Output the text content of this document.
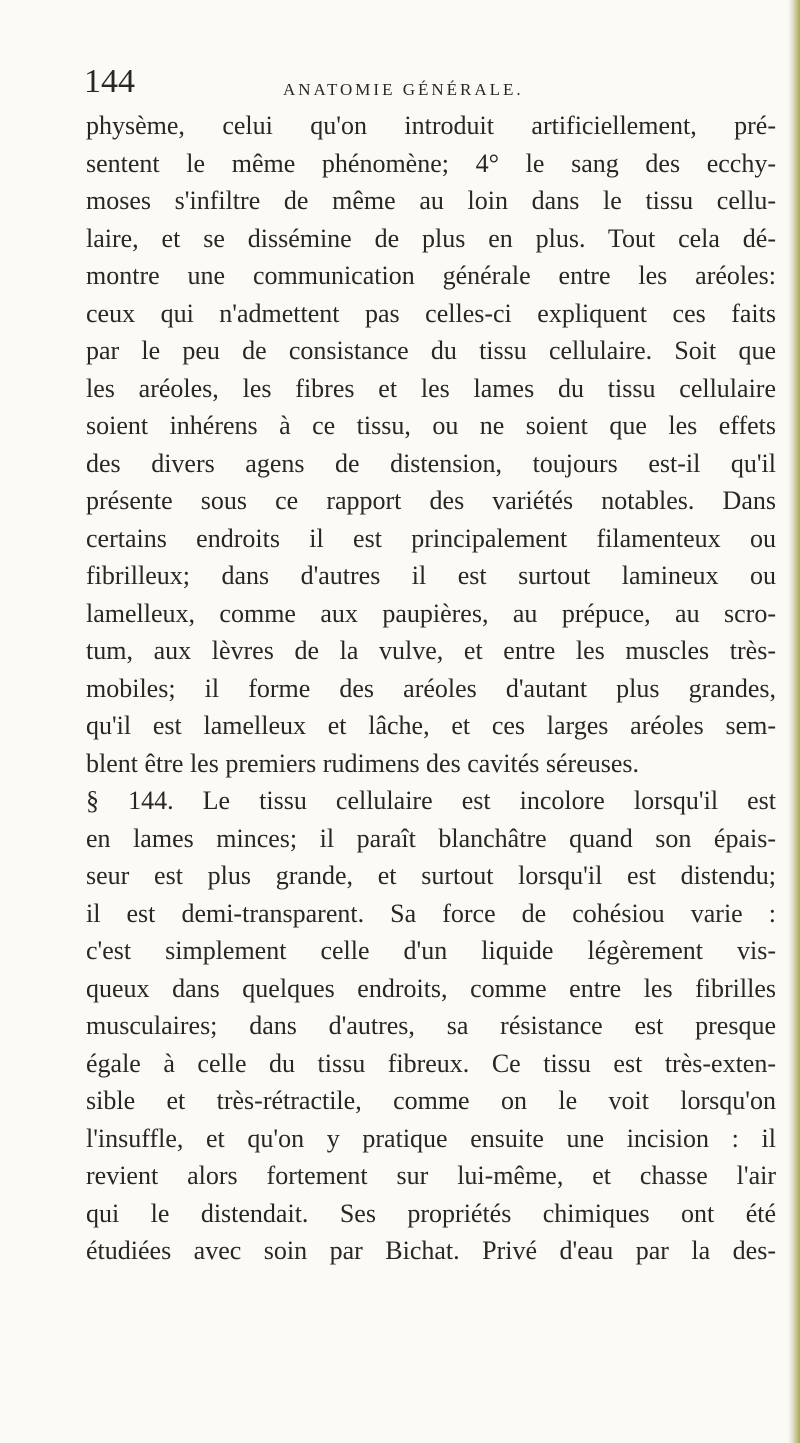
144	ANATOMIE GÉNÉRALE.
physème, celui qu'on introduit artificiellement, pré-
sentent le même phénomène; 4° le sang des ecchy-
moses s'infiltre de même au loin dans le tissu cellu-
laire, et se dissémine de plus en plus. Tout cela dé-
montre une communication générale entre les aréoles:
ceux qui n'admettent pas celles-ci expliquent ces faits
par le peu de consistance du tissu cellulaire. Soit que
les aréoles, les fibres et les lames du tissu cellulaire
soient inhérens à ce tissu, ou ne soient que les effets
des divers agens de distension, toujours est-il qu'il
présente sous ce rapport des variétés notables. Dans
certains endroits il est principalement filamenteux ou
fibrilleux; dans d'autres il est surtout lamineux ou
lamelleux, comme aux paupières, au prépuce, au scro-
tum, aux lèvres de la vulve, et entre les muscles très-
mobiles; il forme des aréoles d'autant plus grandes,
qu'il est lamelleux et lâche, et ces larges aréoles sem-
blent être les premiers rudimens des cavités séreuses.
§ 144. Le tissu cellulaire est incolore lorsqu'il est
en lames minces; il paraît blanchâtre quand son épais-
seur est plus grande, et surtout lorsqu'il est distendu;
il est demi-transparent. Sa force de cohésiou varie :
c'est simplement celle d'un liquide légèrement vis-
queux dans quelques endroits, comme entre les fibrilles
musculaires; dans d'autres, sa résistance est presque
égale à celle du tissu fibreux. Ce tissu est très-exten-
sible et très-rétractile, comme on le voit lorsqu'on
l'insuffle, et qu'on y pratique ensuite une incision : il
revient alors fortement sur lui-même, et chasse l'air
qui le distendait. Ses propriétés chimiques ont été
étudiées avec soin par Bichat. Privé d'eau par la des-
